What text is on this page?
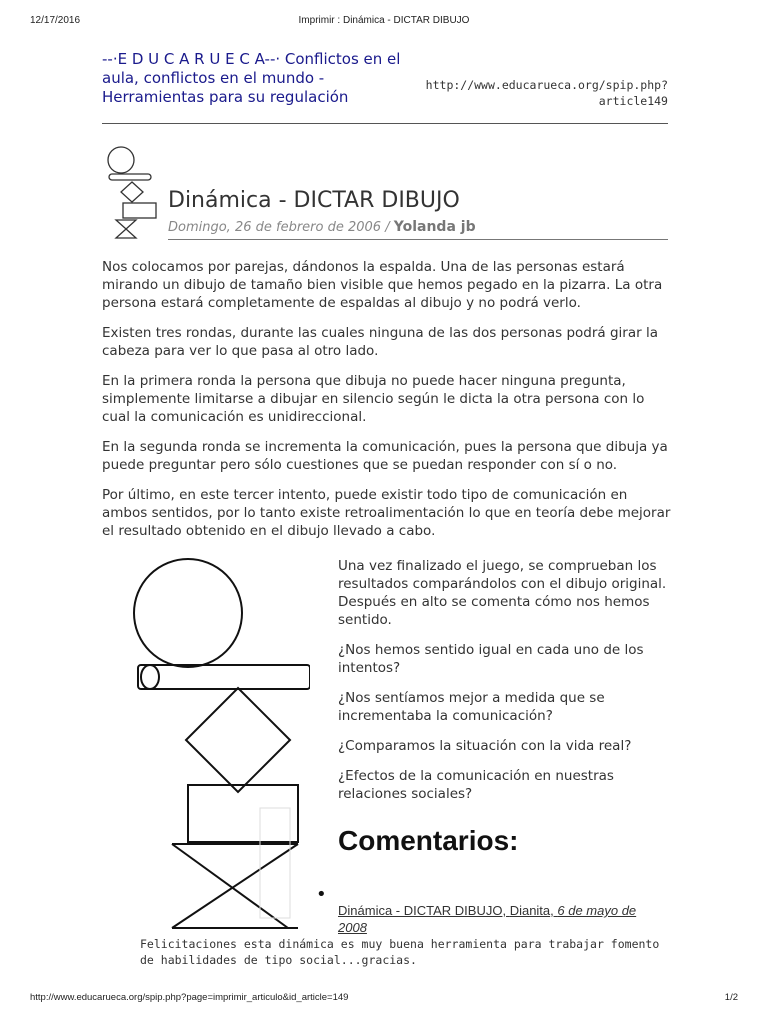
12/17/2016	Imprimir : Dinámica - DICTAR DIBUJO
--·E D U C A R U E C A--· Conflictos en el aula, conflictos en el mundo - Herramientas para su regulación
http://www.educarueca.org/spip.php?
article149
Dinámica - DICTAR DIBUJO
Domingo, 26 de febrero de 2006 / Yolanda jb

Nos colocamos por parejas, dándonos la espalda. Una de las personas estará mirando un dibujo de tamaño bien visible que hemos pegado en la pizarra. La otra persona estará completamente de espaldas al dibujo y no podrá verlo.

Existen tres rondas, durante las cuales ninguna de las dos personas podrá girar la cabeza para ver lo que pasa al otro lado.

En la primera ronda la persona que dibuja no puede hacer ninguna pregunta, simplemente limitarse a dibujar en silencio según le dicta la otra persona con lo cual la comunicación es unidireccional.

En la segunda ronda se incrementa la comunicación, pues la persona que dibuja ya puede preguntar pero sólo cuestiones que se puedan responder con sí o no.

Por último, en este tercer intento, puede existir todo tipo de comunicación en ambos sentidos, por lo tanto existe retroalimentación lo que en teoría debe mejorar el resultado obtenido en el dibujo llevado a cabo.

Una vez finalizado el juego, se comprueban los resultados comparándolos con el dibujo original. Después en alto se comenta cómo nos hemos sentido.

¿Nos hemos sentido igual en cada uno de los intentos?

¿Nos sentíamos mejor a medida que se incrementaba la comunicación?

¿Comparamos la situación con la vida real?

¿Efectos de la comunicación en nuestras relaciones sociales?

Comentarios:
•
Dinámica - DICTAR DIBUJO, Dianita, 6 de mayo de 2008
Felicitaciones esta dinámica es muy buena herramienta para trabajar fomento de habilidades de tipo social...gracias.
http://www.educarueca.org/spip.php?page=imprimir_articulo&id_article=149	1/2
